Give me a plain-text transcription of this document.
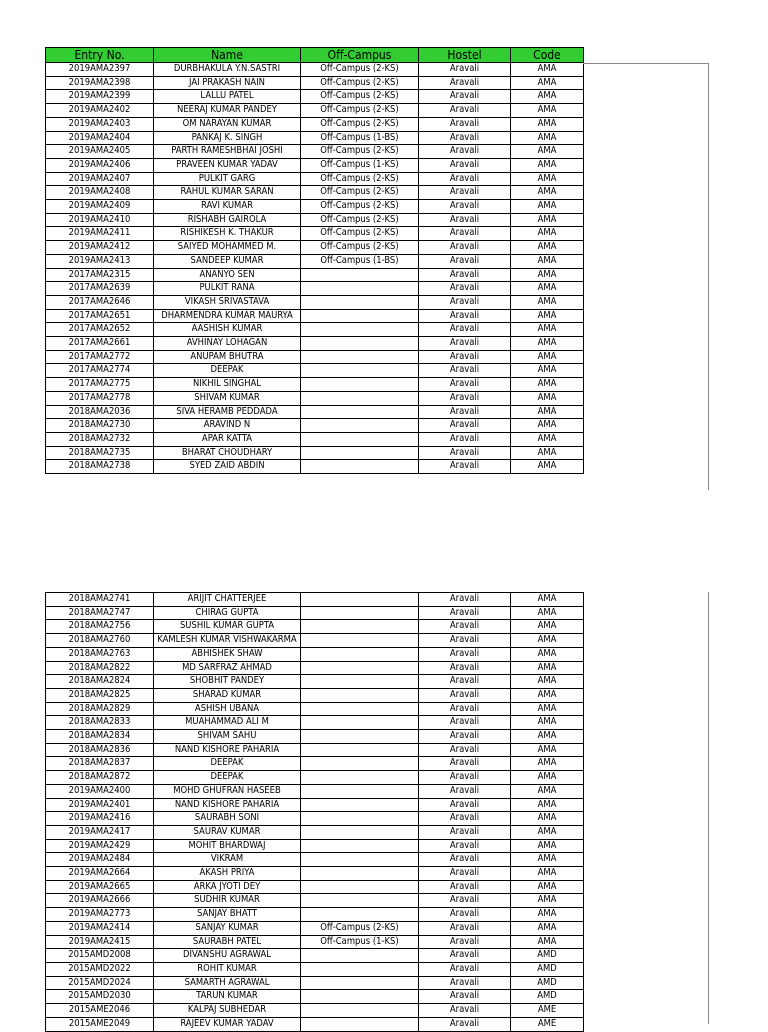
Entry No.	Name	Off-Campus	Hostel	Code
2019AMA2397	DURBHAKULA Y.N.SASTRI	Off-Campus (2-KS)	Aravali	AMA
2019AMA2398	JAI PRAKASH NAIN	Off-Campus (2-KS)	Aravali	AMA
2019AMA2399	LALLU PATEL	Off-Campus (2-KS)	Aravali	AMA
2019AMA2402	NEERAJ KUMAR PANDEY	Off-Campus (2-KS)	Aravali	AMA
2019AMA2403	OM NARAYAN KUMAR	Off-Campus (2-KS)	Aravali	AMA
2019AMA2404	PANKAJ K. SINGH	Off-Campus (1-BS)	Aravali	AMA
2019AMA2405	PARTH RAMESHBHAI JOSHI	Off-Campus (2-KS)	Aravali	AMA
2019AMA2406	PRAVEEN KUMAR YADAV	Off-Campus (1-KS)	Aravali	AMA
2019AMA2407	PULKIT GARG	Off-Campus (2-KS)	Aravali	AMA
2019AMA2408	RAHUL KUMAR SARAN	Off-Campus (2-KS)	Aravali	AMA
2019AMA2409	RAVI KUMAR	Off-Campus (2-KS)	Aravali	AMA
2019AMA2410	RISHABH GAIROLA	Off-Campus (2-KS)	Aravali	AMA
2019AMA2411	RISHIKESH K. THAKUR	Off-Campus (2-KS)	Aravali	AMA
2019AMA2412	SAIYED MOHAMMED M.	Off-Campus (2-KS)	Aravali	AMA
2019AMA2413	SANDEEP KUMAR	Off-Campus (1-BS)	Aravali	AMA
2017AMA2315	ANANYO SEN		Aravali	AMA
2017AMA2639	PULKIT RANA		Aravali	AMA
2017AMA2646	VIKASH SRIVASTAVA		Aravali	AMA
2017AMA2651	DHARMENDRA KUMAR MAURYA		Aravali	AMA
2017AMA2652	AASHISH KUMAR		Aravali	AMA
2017AMA2661	AVHINAY LOHAGAN		Aravali	AMA
2017AMA2772	ANUPAM BHUTRA		Aravali	AMA
2017AMA2774	DEEPAK		Aravali	AMA
2017AMA2775	NIKHIL SINGHAL		Aravali	AMA
2017AMA2778	SHIVAM KUMAR		Aravali	AMA
2018AMA2036	SIVA HERAMB PEDDADA		Aravali	AMA
2018AMA2730	ARAVIND N		Aravali	AMA
2018AMA2732	APAR KATTA		Aravali	AMA
2018AMA2735	BHARAT CHOUDHARY		Aravali	AMA
2018AMA2738	SYED ZAID ABDIN		Aravali	AMA
2018AMA2741	ARIJIT CHATTERJEE		Aravali	AMA
2018AMA2747	CHIRAG GUPTA		Aravali	AMA
2018AMA2756	SUSHIL KUMAR GUPTA		Aravali	AMA
2018AMA2760	KAMLESH KUMAR VISHWAKARMA		Aravali	AMA
2018AMA2763	ABHISHEK SHAW		Aravali	AMA
2018AMA2822	MD SARFRAZ AHMAD		Aravali	AMA
2018AMA2824	SHOBHIT PANDEY		Aravali	AMA
2018AMA2825	SHARAD KUMAR		Aravali	AMA
2018AMA2829	ASHISH UBANA		Aravali	AMA
2018AMA2833	MUAHAMMAD ALI M		Aravali	AMA
2018AMA2834	SHIVAM SAHU		Aravali	AMA
2018AMA2836	NAND KISHORE PAHARIA		Aravali	AMA
2018AMA2837	DEEPAK		Aravali	AMA
2018AMA2872	DEEPAK		Aravali	AMA
2019AMA2400	MOHD GHUFRAN HASEEB		Aravali	AMA
2019AMA2401	NAND KISHORE PAHARIA		Aravali	AMA
2019AMA2416	SAURABH SONI		Aravali	AMA
2019AMA2417	SAURAV KUMAR		Aravali	AMA
2019AMA2429	MOHIT BHARDWAJ		Aravali	AMA
2019AMA2484	VIKRAM		Aravali	AMA
2019AMA2664	AKASH PRIYA		Aravali	AMA
2019AMA2665	ARKA JYOTI DEY		Aravali	AMA
2019AMA2666	SUDHIR KUMAR		Aravali	AMA
2019AMA2773	SANJAY BHATT		Aravali	AMA
2019AMA2414	SANJAY KUMAR	Off-Campus (2-KS)	Aravali	AMA
2019AMA2415	SAURABH PATEL	Off-Campus (1-KS)	Aravali	AMA
2015AMD2008	DIVANSHU AGRAWAL		Aravali	AMD
2015AMD2022	ROHIT KUMAR		Aravali	AMD
2015AMD2024	SAMARTH AGRAWAL		Aravali	AMD
2015AMD2030	TARUN KUMAR		Aravali	AMD
2015AME2046	KALPAJ SUBHEDAR		Aravali	AME
2015AME2049	RAJEEV KUMAR YADAV		Aravali	AME
